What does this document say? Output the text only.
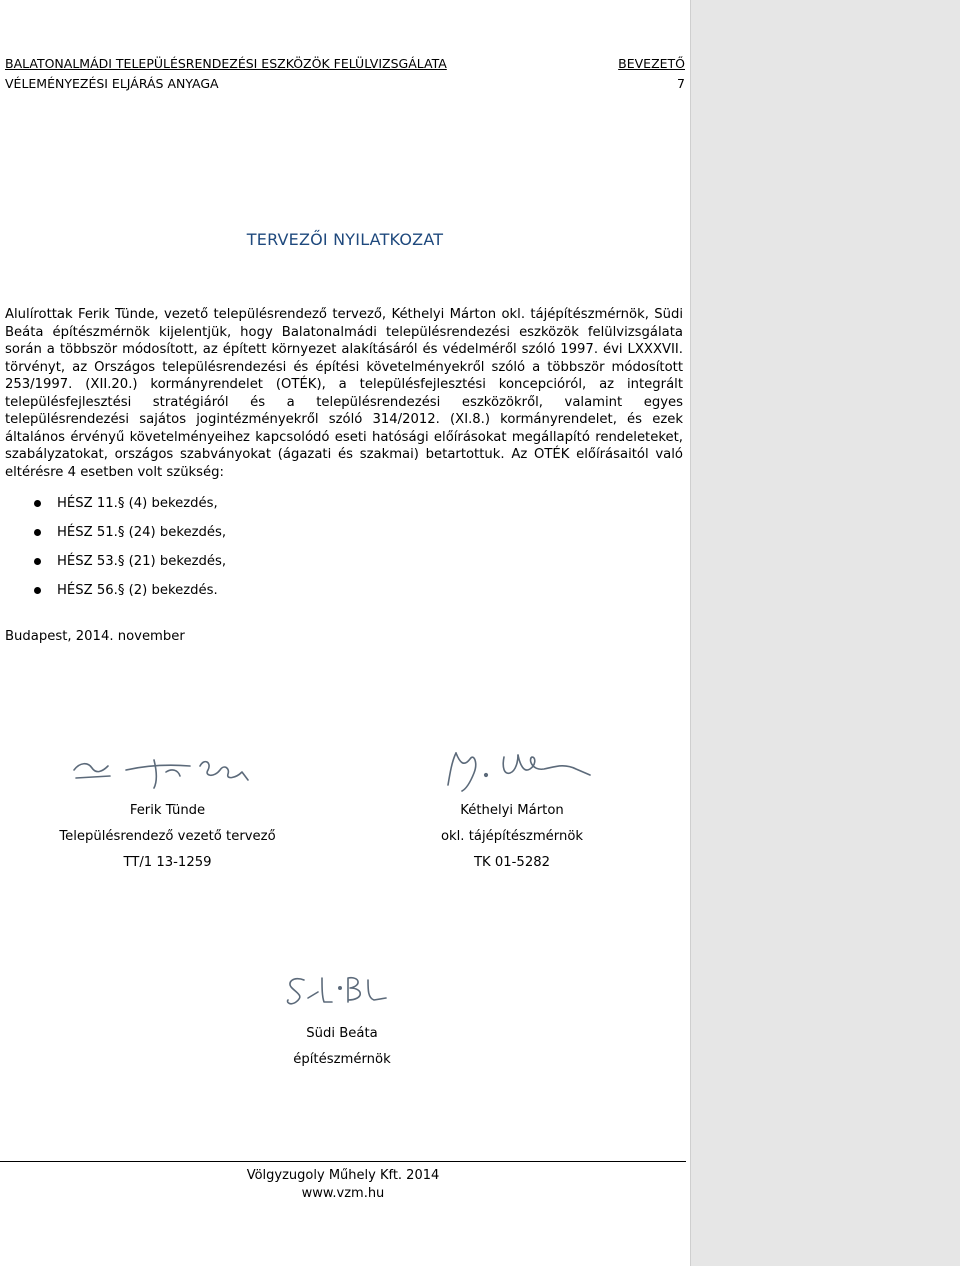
BALATONALMÁDI TELEPÜLÉSRENDEZÉSI ESZKÖZÖK FELÜLVIZSGÁLATA	BEVEZETŐ
VÉLEMÉNYEZÉSI ELJÁRÁS ANYAGA	7
TERVEZŐI NYILATKOZAT

Alulírottak Ferik Tünde, vezető településrendező tervező, Kéthelyi Márton okl. tájépítészmérnök, Südi Beáta építészmérnök kijelentjük, hogy Balatonalmádi településrendezési eszközök felülvizsgálata során a többször módosított, az épített környezet alakításáról és védelméről szóló 1997. évi LXXXVII. törvényt, az Országos településrendezési és építési követelményekről szóló a többször módosított 253/1997. (XII.20.) kormányrendelet (OTÉK), a településfejlesztési koncepcióról, az integrált településfejlesztési stratégiáról és a településrendezési eszközökről, valamint egyes településrendezési sajátos jogintézményekről szóló 314/2012. (XI.8.) kormányrendelet, és ezek általános érvényű követelményeihez kapcsolódó eseti hatósági előírásokat megállapító rendeleteket, szabályzatokat, országos szabványokat (ágazati és szakmai) betartottuk. Az OTÉK előírásaitól való eltérésre 4 esetben volt szükség:

HÉSZ 11.§ (4) bekezdés,
HÉSZ 51.§ (24) bekezdés,
HÉSZ 53.§ (21) bekezdés,
HÉSZ 56.§ (2) bekezdés.
Budapest, 2014. november
Ferik Tünde
Településrendező vezető tervező
TT/1 13-1259
Kéthelyi Márton
okl. tájépítészmérnök
TK 01-5282
Südi Beáta
építészmérnök
Völgyzugoly Műhely Kft. 2014
www.vzm.hu
